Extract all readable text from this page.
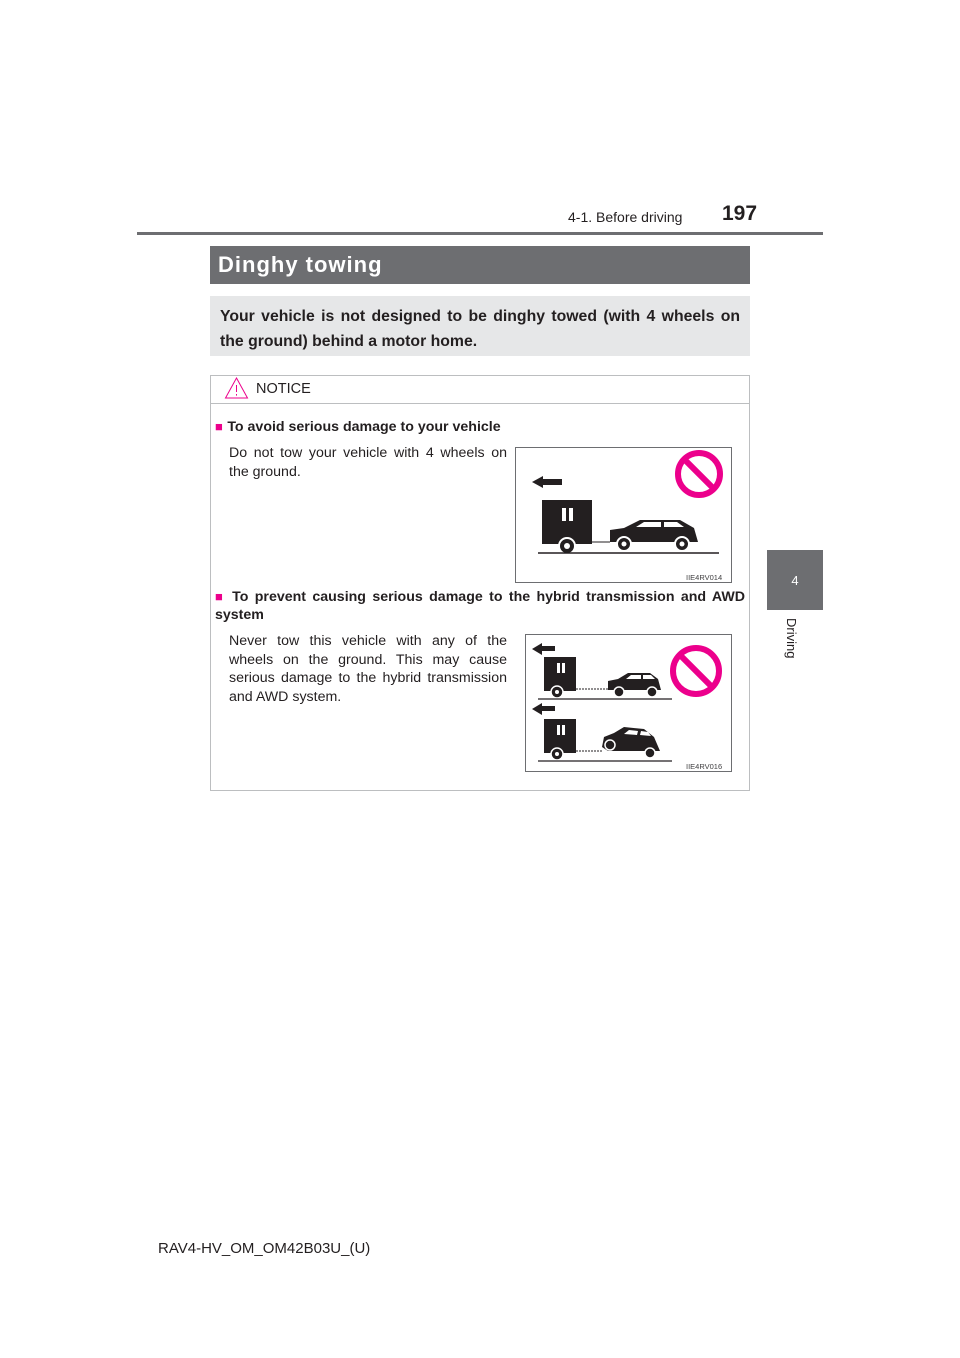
4-1. Before driving 197
4
Driving
Dinghy towing
Your vehicle is not designed to be dinghy towed (with 4 wheels on the ground) behind a motor home.
NOTICE
■ To avoid serious damage to your vehicle
Do not tow your vehicle with 4 wheels on the ground.
IIE4RV014
■ To prevent causing serious damage to the hybrid transmission and AWD system
Never tow this vehicle with any of the wheels on the ground. This may cause serious damage to the hybrid transmission and AWD system.
IIE4RV016
RAV4-HV_OM_OM42B03U_(U)
